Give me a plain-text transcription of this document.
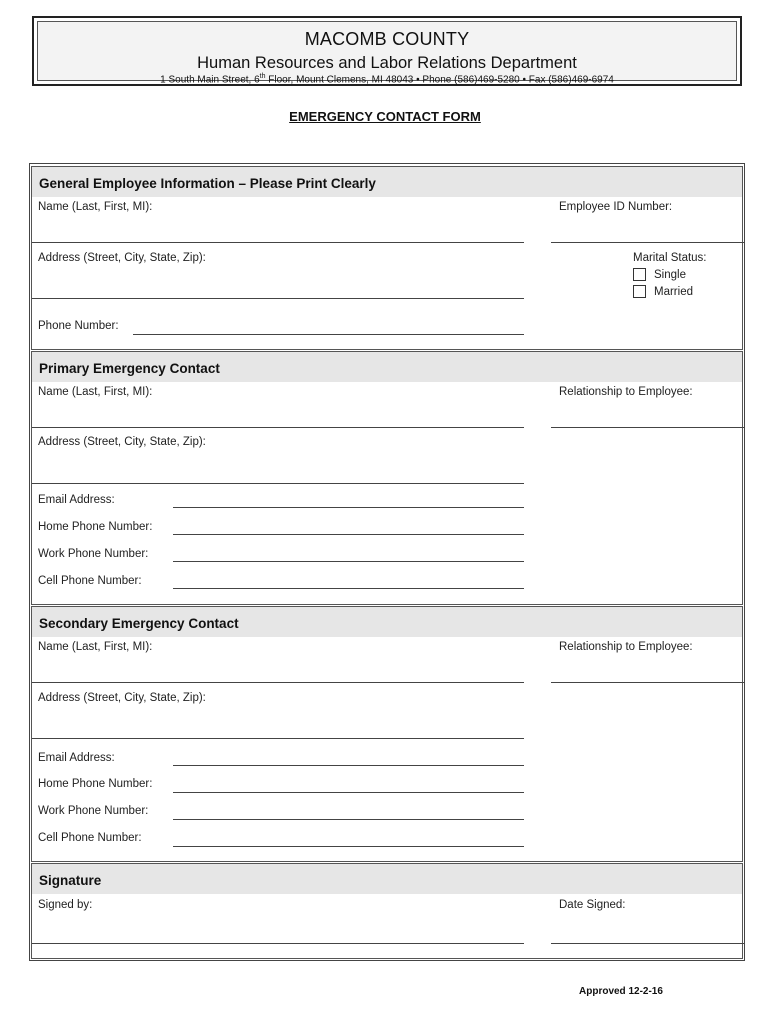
MACOMB COUNTY
Human Resources and Labor Relations Department
1 South Main Street, 6th Floor, Mount Clemens, MI 48043 • Phone (586)469-5280 • Fax (586)469-6974
EMERGENCY CONTACT FORM
General Employee Information – Please Print Clearly
Name (Last, First, MI):	Employee ID Number:
Address (Street, City, State, Zip):	Marital Status:
Single
Married
Phone Number:
Primary Emergency Contact
Name (Last, First, MI):	Relationship to Employee:
Address (Street, City, State, Zip):
Email Address:
Home Phone Number:
Work Phone Number:
Cell Phone Number:
Secondary Emergency Contact
Name (Last, First, MI):	Relationship to Employee:
Address (Street, City, State, Zip):
Email Address:
Home Phone Number:
Work Phone Number:
Cell Phone Number:
Signature
Signed by:	Date Signed:
Approved 12-2-16
